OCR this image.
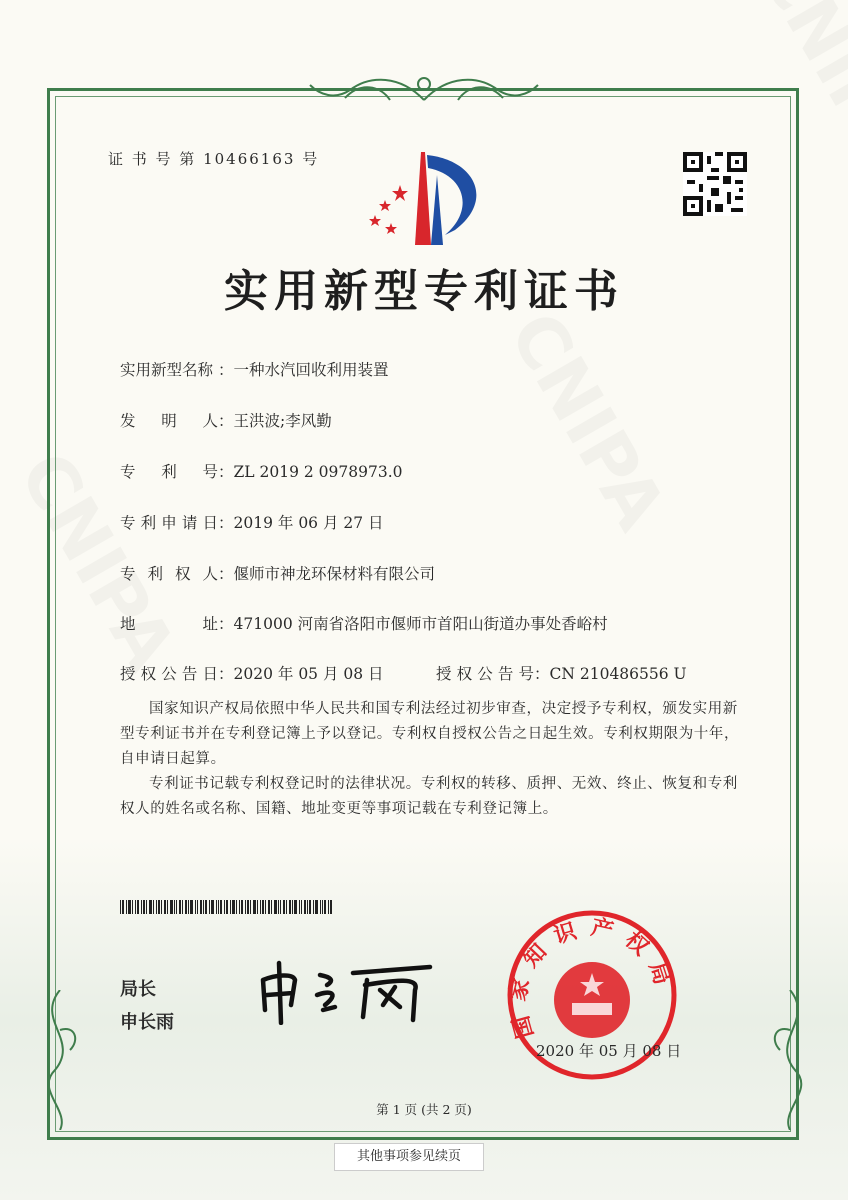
证 书 号 第 10466163 号
实用新型专利证书
实用新型名称 ：一种水汽回收利用装置
发明人：王洪波;李风勤
专利号：ZL 2019 2 0978973.0
专利申请日：2019 年 06 月 27 日
专利权人：偃师市神龙环保材料有限公司
地址：471000 河南省洛阳市偃师市首阳山街道办事处香峪村
授权公告日：2020 年 05 月 08 日	授权公告号：CN 210486556 U
国家知识产权局依照中华人民共和国专利法经过初步审查，决定授予专利权，颁发实用新型专利证书并在专利登记簿上予以登记。专利权自授权公告之日起生效。专利权期限为十年，自申请日起算。
专利证书记载专利权登记时的法律状况。专利权的转移、质押、无效、终止、恢复和专利权人的姓名或名称、国籍、地址变更等事项记载在专利登记簿上。
局长
申长雨	国家知识产权局
2020 年 05 月 08 日
第 1 页 (共 2 页)
其他事项参见续页
